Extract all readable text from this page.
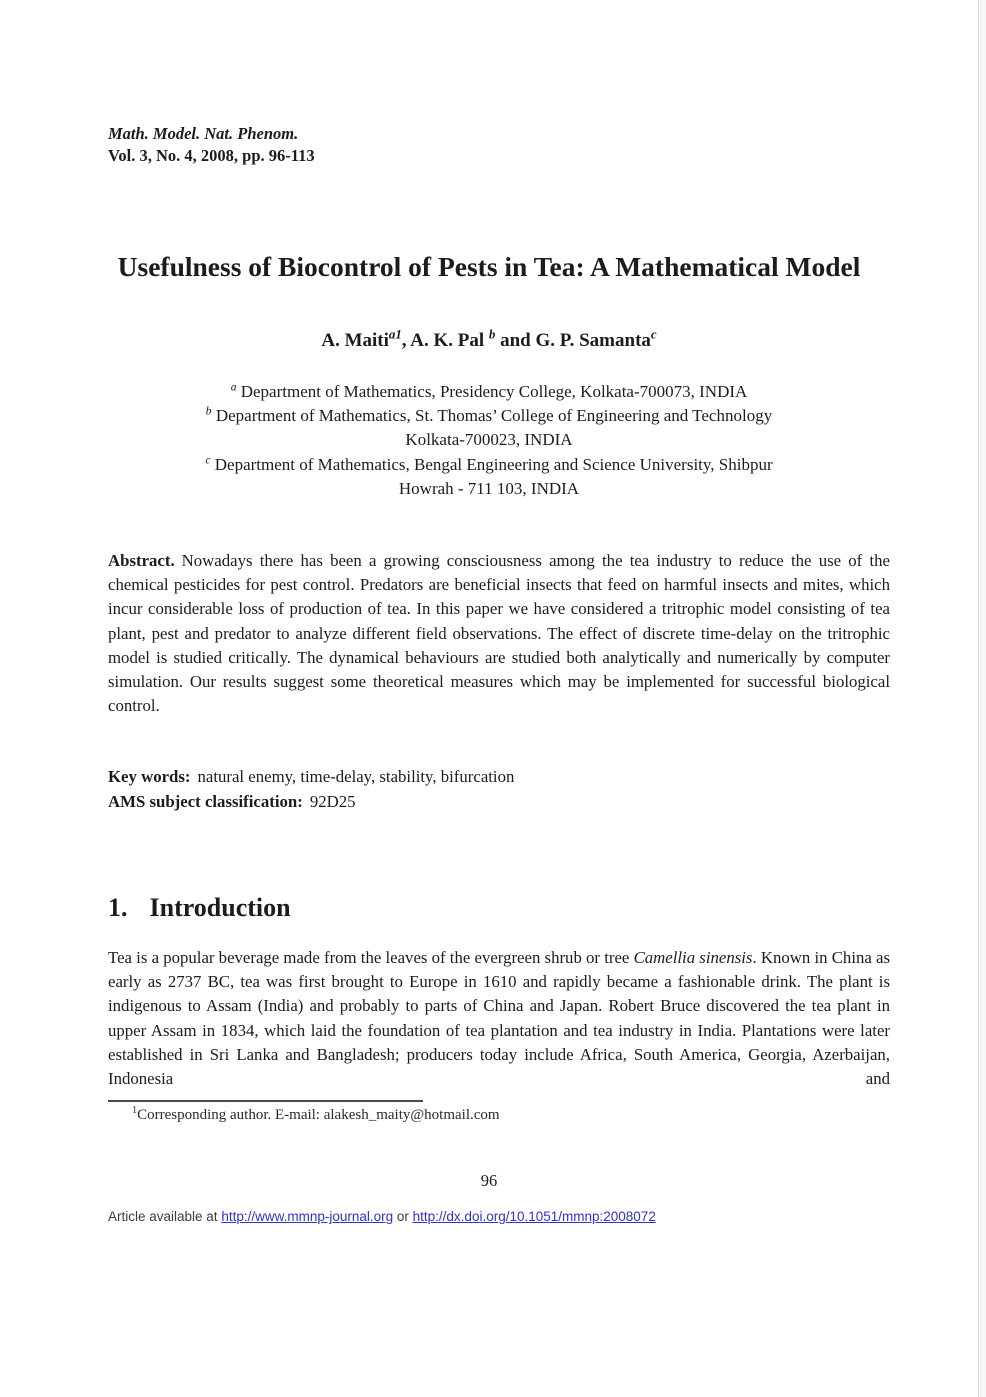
Math. Model. Nat. Phenom.
Vol. 3, No. 4, 2008, pp. 96-113
Usefulness of Biocontrol of Pests in Tea: A Mathematical Model
A. Maiti$^{a1}$, A. K. Pal $^b$ and G. P. Samanta$^c$
$^a$ Department of Mathematics, Presidency College, Kolkata-700073, INDIA
$^b$ Department of Mathematics, St. Thomas’ College of Engineering and Technology
Kolkata-700023, INDIA
$^c$ Department of Mathematics, Bengal Engineering and Science University, Shibpur
Howrah - 711 103, INDIA
Abstract. Nowadays there has been a growing consciousness among the tea industry to reduce the use of the chemical pesticides for pest control. Predators are beneficial insects that feed on harmful insects and mites, which incur considerable loss of production of tea. In this paper we have considered a tritrophic model consisting of tea plant, pest and predator to analyze different field observations. The effect of discrete time-delay on the tritrophic model is studied critically. The dynamical behaviours are studied both analytically and numerically by computer simulation. Our results suggest some theoretical measures which may be implemented for successful biological control.
Key words: natural enemy, time-delay, stability, bifurcation
AMS subject classification: 92D25
1. Introduction

Tea is a popular beverage made from the leaves of the evergreen shrub or tree Camellia sinensis. Known in China as early as 2737 BC, tea was first brought to Europe in 1610 and rapidly became a fashionable drink. The plant is indigenous to Assam (India) and probably to parts of China and Japan. Robert Bruce discovered the tea plant in upper Assam in 1834, which laid the foundation of tea plantation and tea industry in India. Plantations were later established in Sri Lanka and Bangladesh; producers today include Africa, South America, Georgia, Azerbaijan, Indonesia and

$^1$Corresponding author. E-mail: alakesh_maity@hotmail.com
96
Article available at http://www.mmnp-journal.org or http://dx.doi.org/10.1051/mmnp:2008072
